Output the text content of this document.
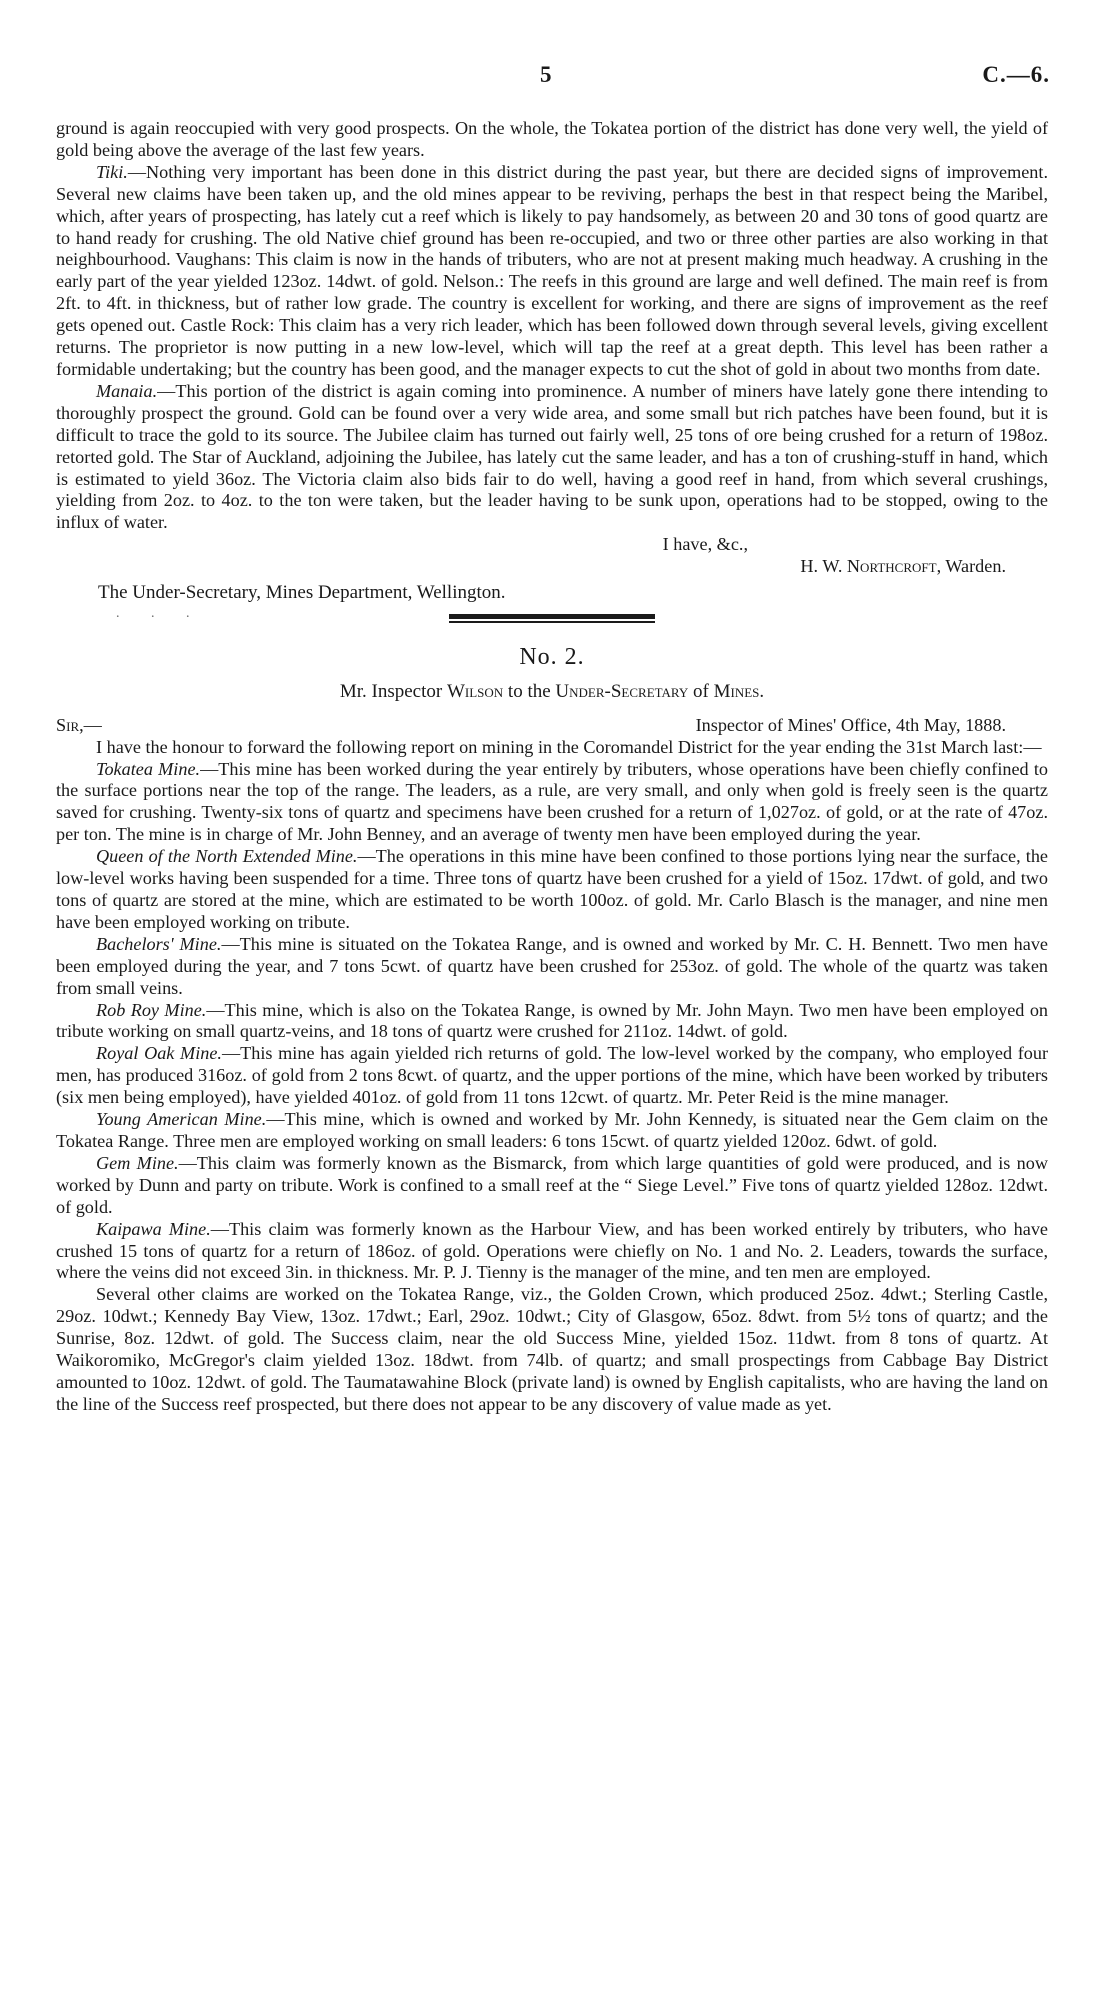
5	C.—6.

ground is again reoccupied with very good prospects. On the whole, the Tokatea portion of the district has done very well, the yield of gold being above the average of the last few years.

Tiki.—Nothing very important has been done in this district during the past year, but there are decided signs of improvement. Several new claims have been taken up, and the old mines appear to be reviving, perhaps the best in that respect being the Maribel, which, after years of prospecting, has lately cut a reef which is likely to pay handsomely, as between 20 and 30 tons of good quartz are to hand ready for crushing. The old Native chief ground has been re-occupied, and two or three other parties are also working in that neighbourhood. Vaughans: This claim is now in the hands of tributers, who are not at present making much headway. A crushing in the early part of the year yielded 123oz. 14dwt. of gold. Nelson.: The reefs in this ground are large and well defined. The main reef is from 2ft. to 4ft. in thickness, but of rather low grade. The country is excellent for working, and there are signs of improvement as the reef gets opened out. Castle Rock: This claim has a very rich leader, which has been followed down through several levels, giving excellent returns. The proprietor is now putting in a new low-level, which will tap the reef at a great depth. This level has been rather a formidable undertaking; but the country has been good, and the manager expects to cut the shot of gold in about two months from date.

Manaia.—This portion of the district is again coming into prominence. A number of miners have lately gone there intending to thoroughly prospect the ground. Gold can be found over a very wide area, and some small but rich patches have been found, but it is difficult to trace the gold to its source. The Jubilee claim has turned out fairly well, 25 tons of ore being crushed for a return of 198oz. retorted gold. The Star of Auckland, adjoining the Jubilee, has lately cut the same leader, and has a ton of crushing-stuff in hand, which is estimated to yield 36oz. The Victoria claim also bids fair to do well, having a good reef in hand, from which several crushings, yielding from 2oz. to 4oz. to the ton were taken, but the leader having to be sunk upon, operations had to be stopped, owing to the influx of water.

I have, &c.,
H. W. Northcroft, Warden.
The Under-Secretary, Mines Department, Wellington.
. . .
No. 2.
Mr. Inspector Wilson to the Under-Secretary of Mines.
Sir,—	Inspector of Mines' Office, 4th May, 1888.

I have the honour to forward the following report on mining in the Coromandel District for the year ending the 31st March last:—

Tokatea Mine.—This mine has been worked during the year entirely by tributers, whose operations have been chiefly confined to the surface portions near the top of the range. The leaders, as a rule, are very small, and only when gold is freely seen is the quartz saved for crushing. Twenty-six tons of quartz and specimens have been crushed for a return of 1,027oz. of gold, or at the rate of 47oz. per ton. The mine is in charge of Mr. John Benney, and an average of twenty men have been employed during the year.

Queen of the North Extended Mine.—The operations in this mine have been confined to those portions lying near the surface, the low-level works having been suspended for a time. Three tons of quartz have been crushed for a yield of 15oz. 17dwt. of gold, and two tons of quartz are stored at the mine, which are estimated to be worth 100oz. of gold. Mr. Carlo Blasch is the manager, and nine men have been employed working on tribute.

Bachelors' Mine.—This mine is situated on the Tokatea Range, and is owned and worked by Mr. C. H. Bennett. Two men have been employed during the year, and 7 tons 5cwt. of quartz have been crushed for 253oz. of gold. The whole of the quartz was taken from small veins.

Rob Roy Mine.—This mine, which is also on the Tokatea Range, is owned by Mr. John Mayn. Two men have been employed on tribute working on small quartz-veins, and 18 tons of quartz were crushed for 211oz. 14dwt. of gold.

Royal Oak Mine.—This mine has again yielded rich returns of gold. The low-level worked by the company, who employed four men, has produced 316oz. of gold from 2 tons 8cwt. of quartz, and the upper portions of the mine, which have been worked by tributers (six men being employed), have yielded 401oz. of gold from 11 tons 12cwt. of quartz. Mr. Peter Reid is the mine manager.

Young American Mine.—This mine, which is owned and worked by Mr. John Kennedy, is situated near the Gem claim on the Tokatea Range. Three men are employed working on small leaders: 6 tons 15cwt. of quartz yielded 120oz. 6dwt. of gold.

Gem Mine.—This claim was formerly known as the Bismarck, from which large quantities of gold were produced, and is now worked by Dunn and party on tribute. Work is confined to a small reef at the “ Siege Level.” Five tons of quartz yielded 128oz. 12dwt. of gold.

Kaipawa Mine.—This claim was formerly known as the Harbour View, and has been worked entirely by tributers, who have crushed 15 tons of quartz for a return of 186oz. of gold. Operations were chiefly on No. 1 and No. 2. Leaders, towards the surface, where the veins did not exceed 3in. in thickness. Mr. P. J. Tienny is the manager of the mine, and ten men are employed.

Several other claims are worked on the Tokatea Range, viz., the Golden Crown, which produced 25oz. 4dwt.; Sterling Castle, 29oz. 10dwt.; Kennedy Bay View, 13oz. 17dwt.; Earl, 29oz. 10dwt.; City of Glasgow, 65oz. 8dwt. from 5½ tons of quartz; and the Sunrise, 8oz. 12dwt. of gold. The Success claim, near the old Success Mine, yielded 15oz. 11dwt. from 8 tons of quartz. At Waikoromiko, McGregor's claim yielded 13oz. 18dwt. from 74lb. of quartz; and small prospectings from Cabbage Bay District amounted to 10oz. 12dwt. of gold. The Taumatawahine Block (private land) is owned by English capitalists, who are having the land on the line of the Success reef prospected, but there does not appear to be any discovery of value made as yet.
